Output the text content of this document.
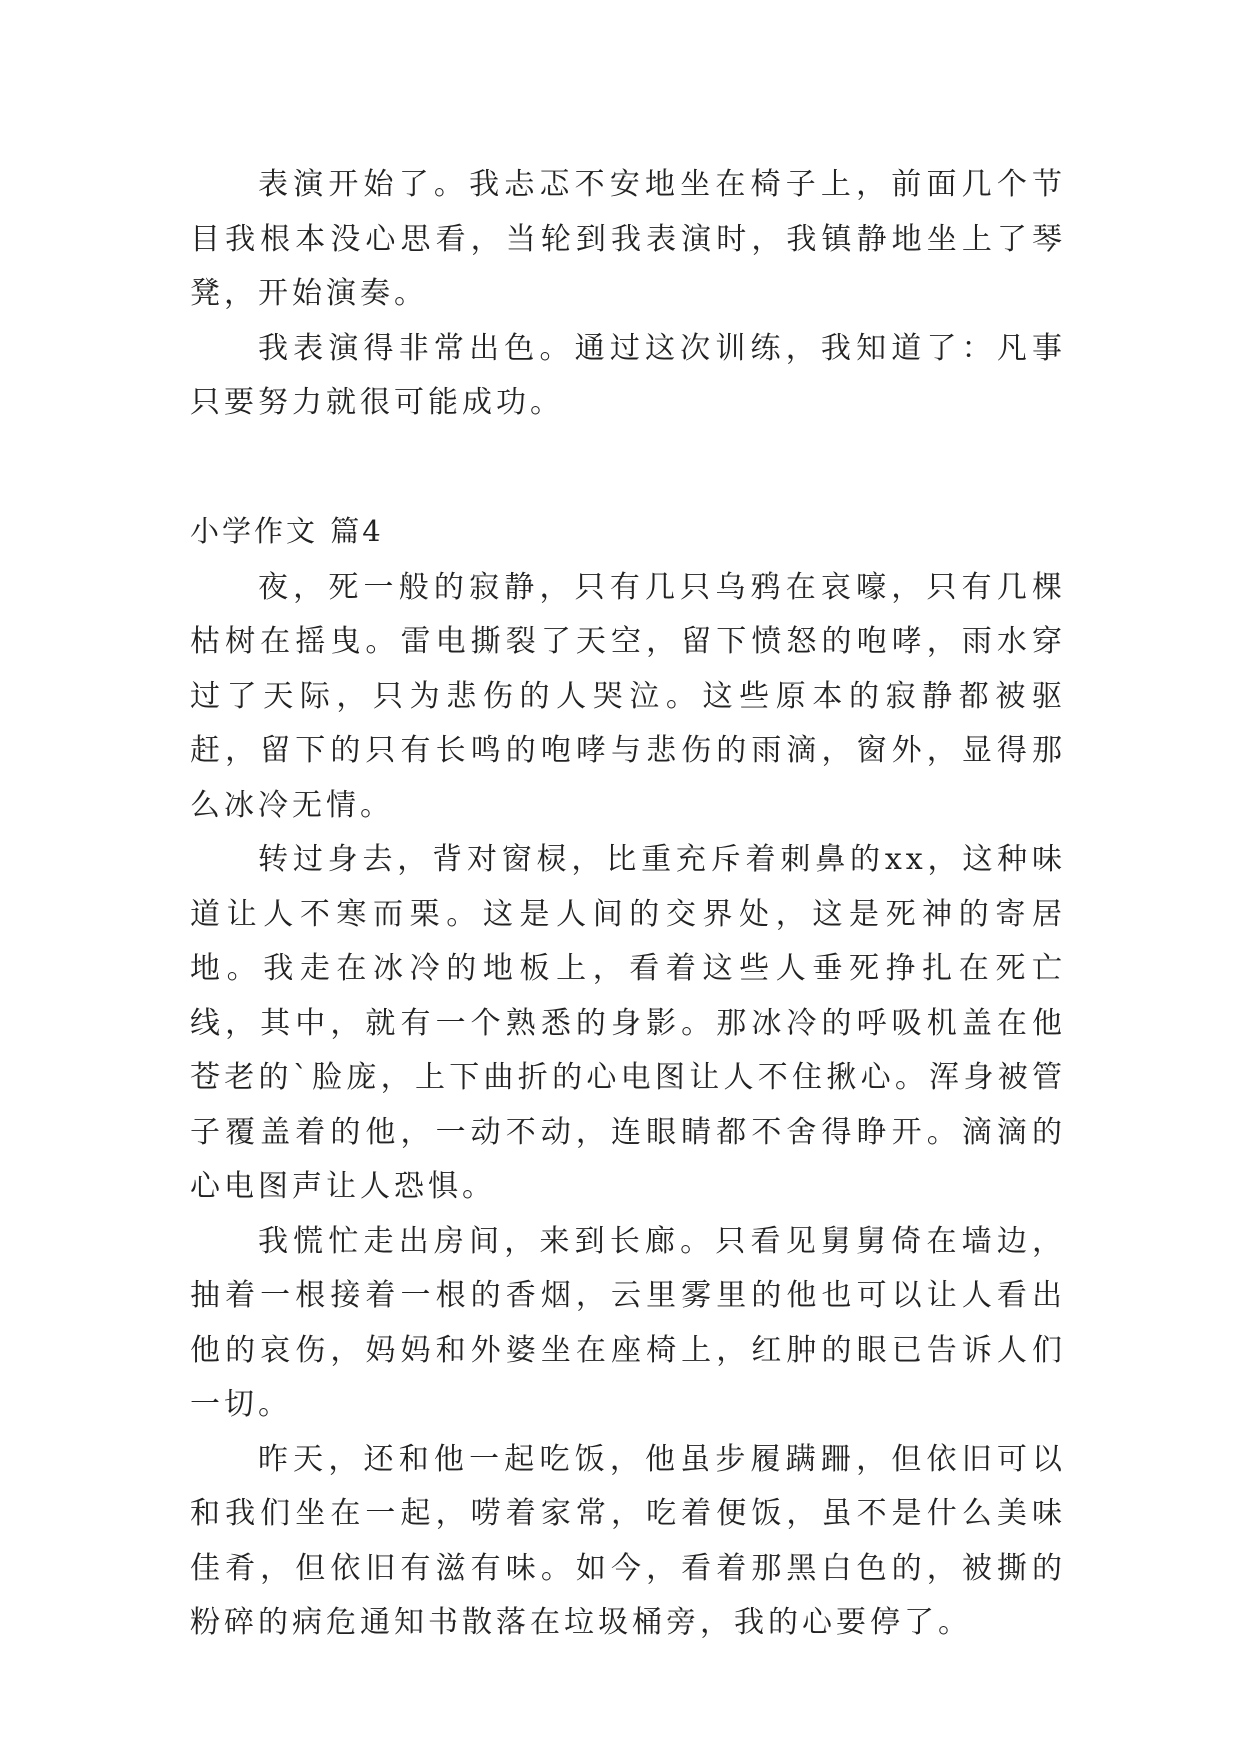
表演开始了。我忐忑不安地坐在椅子上，前面几个节目我根本没心思看，当轮到我表演时，我镇静地坐上了琴凳，开始演奏。

我表演得非常出色。通过这次训练，我知道了：凡事只要努力就很可能成功。

小学作文 篇4

夜，死一般的寂静，只有几只乌鸦在哀嚎，只有几棵枯树在摇曳。雷电撕裂了天空，留下愤怒的咆哮，雨水穿过了天际，只为悲伤的人哭泣。这些原本的寂静都被驱赶，留下的只有长鸣的咆哮与悲伤的雨滴，窗外，显得那么冰冷无情。

转过身去，背对窗棂，比重充斥着刺鼻的xx，这种味道让人不寒而栗。这是人间的交界处，这是死神的寄居地。我走在冰冷的地板上，看着这些人垂死挣扎在死亡线，其中，就有一个熟悉的身影。那冰冷的呼吸机盖在他苍老的`脸庞，上下曲折的心电图让人不住揪心。浑身被管子覆盖着的他，一动不动，连眼睛都不舍得睁开。滴滴的心电图声让人恐惧。

我慌忙走出房间，来到长廊。只看见舅舅倚在墙边，抽着一根接着一根的香烟，云里雾里的他也可以让人看出他的哀伤，妈妈和外婆坐在座椅上，红肿的眼已告诉人们一切。

昨天，还和他一起吃饭，他虽步履蹒跚，但依旧可以和我们坐在一起，唠着家常，吃着便饭，虽不是什么美味佳肴，但依旧有滋有味。如今，看着那黑白色的，被撕的粉碎的病危通知书散落在垃圾桶旁，我的心要停了。
